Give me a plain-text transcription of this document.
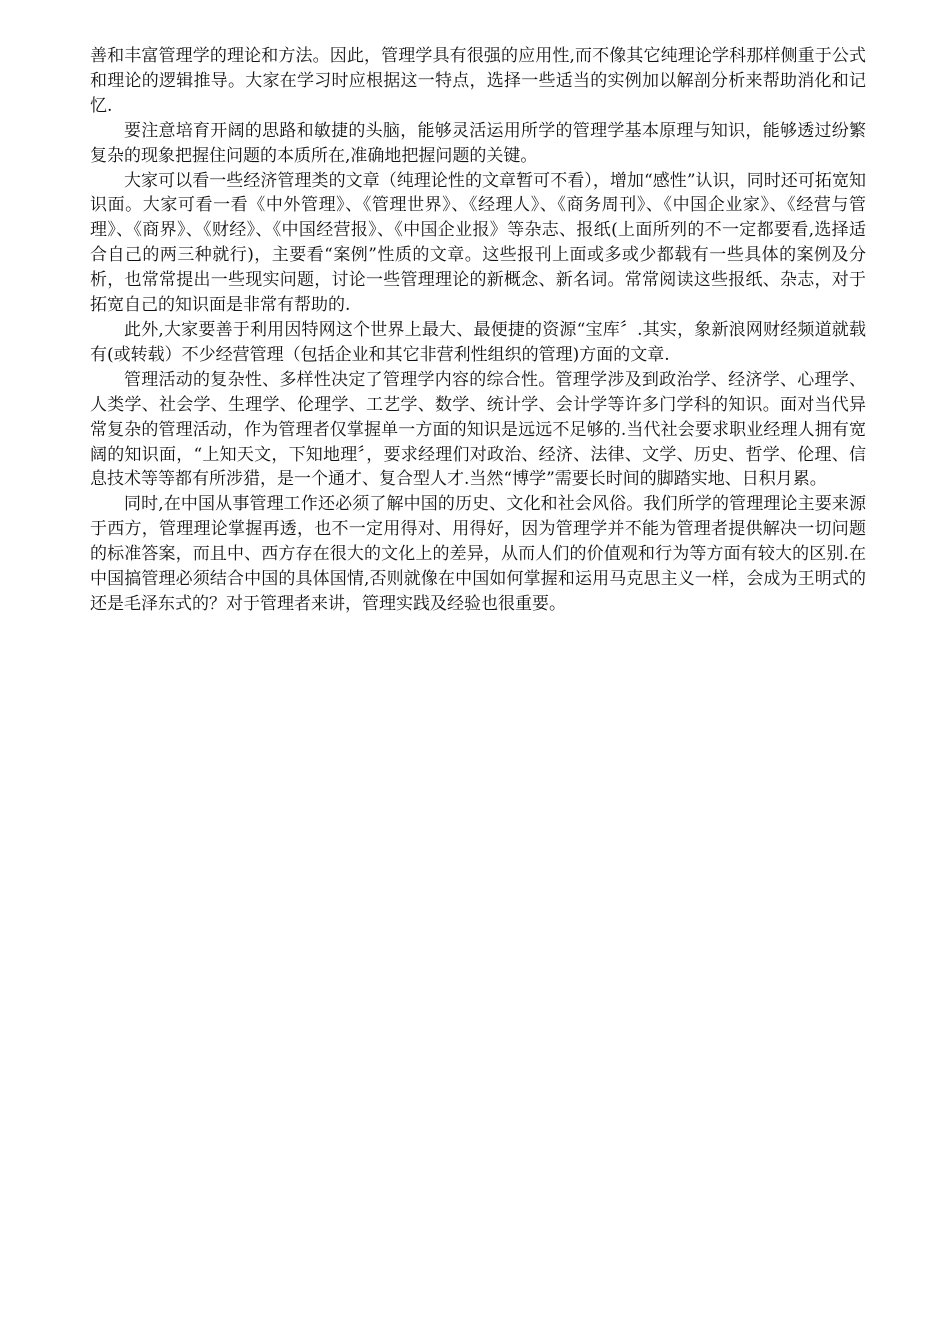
善和丰富管理学的理论和方法。因此，管理学具有很强的应用性,而不像其它纯理论学科那样侧重于公式和理论的逻辑推导。大家在学习时应根据这一特点，选择一些适当的实例加以解剖分析来帮助消化和记忆.

要注意培育开阔的思路和敏捷的头脑，能够灵活运用所学的管理学基本原理与知识，能够透过纷繁复杂的现象把握住问题的本质所在,准确地把握问题的关键。

大家可以看一些经济管理类的文章（纯理论性的文章暂可不看），增加“感性”认识，同时还可拓宽知识面。大家可看一看《中外管理》、《管理世界》、《经理人》、《商务周刊》、《中国企业家》、《经营与管理》、《商界》、《财经》、《中国经营报》、《中国企业报》等杂志、报纸(上面所列的不一定都要看,选择适合自己的两三种就行)，主要看“案例”性质的文章。这些报刊上面或多或少都载有一些具体的案例及分析，也常常提出一些现实问题，讨论一些管理理论的新概念、新名词。常常阅读这些报纸、杂志，对于拓宽自己的知识面是非常有帮助的.

此外,大家要善于利用因特网这个世界上最大、最便捷的资源“宝库〞.其实，象新浪网财经频道就载有(或转载）不少经营管理（包括企业和其它非营利性组织的管理)方面的文章.

管理活动的复杂性、多样性决定了管理学内容的综合性。管理学涉及到政治学、经济学、心理学、人类学、社会学、生理学、伦理学、工艺学、数学、统计学、会计学等许多门学科的知识。面对当代异常复杂的管理活动，作为管理者仅掌握单一方面的知识是远远不足够的.当代社会要求职业经理人拥有宽阔的知识面，“上知天文，下知地理〞，要求经理们对政治、经济、法律、文学、历史、哲学、伦理、信息技术等等都有所涉猎，是一个通才、复合型人才.当然“博学”需要长时间的脚踏实地、日积月累。

同时,在中国从事管理工作还必须了解中国的历史、文化和社会风俗。我们所学的管理理论主要来源于西方，管理理论掌握再透，也不一定用得对、用得好，因为管理学并不能为管理者提供解决一切问题的标准答案，而且中、西方存在很大的文化上的差异，从而人们的价值观和行为等方面有较大的区别.在中国搞管理必须结合中国的具体国情,否则就像在中国如何掌握和运用马克思主义一样，会成为王明式的还是毛泽东式的？对于管理者来讲，管理实践及经验也很重要。
